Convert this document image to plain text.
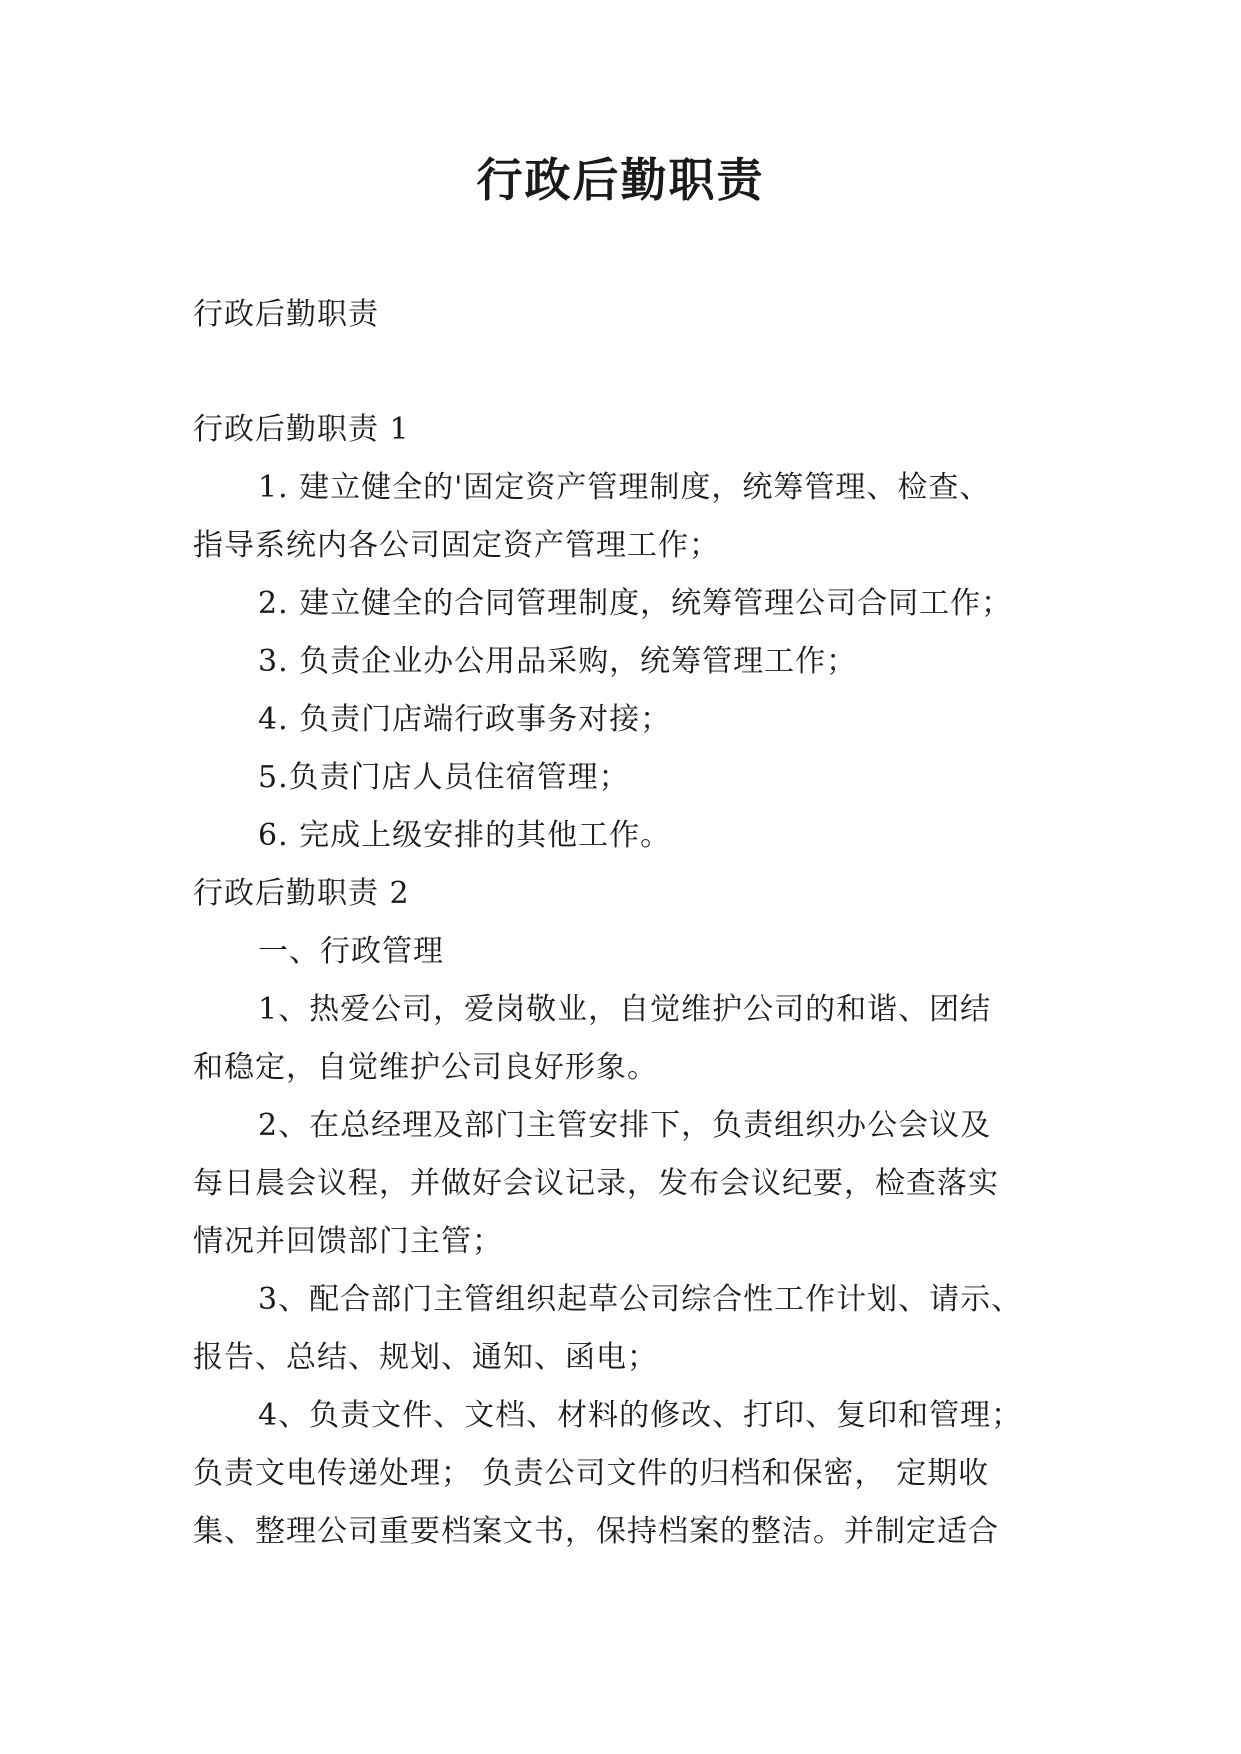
行政后勤职责
行政后勤职责
行政后勤职责 1
1. 建立健全的'固定资产管理制度，统筹管理、检查、
指导系统内各公司固定资产管理工作；
2. 建立健全的合同管理制度，统筹管理公司合同工作；
3. 负责企业办公用品采购，统筹管理工作；
4. 负责门店端行政事务对接；
5.负责门店人员住宿管理；
6. 完成上级安排的其他工作。
行政后勤职责 2
一、行政管理
1、热爱公司，爱岗敬业，自觉维护公司的和谐、团结
和稳定，自觉维护公司良好形象。
2、在总经理及部门主管安排下，负责组织办公会议及
每日晨会议程，并做好会议记录，发布会议纪要，检查落实
情况并回馈部门主管；
3、配合部门主管组织起草公司综合性工作计划、请示、
报告、总结、规划、通知、函电；
4、负责文件、文档、材料的修改、打印、复印和管理；
负责文电传递处理； 负责公司文件的归档和保密， 定期收
集、整理公司重要档案文书，保持档案的整洁。并制定适合
